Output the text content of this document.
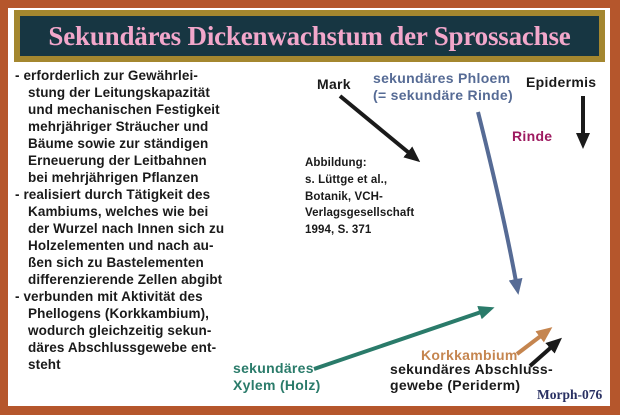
Sekundäres Dickenwachstum der Sprossachse
- erforderlich zur Gewährlei-
stung der Leitungskapazität
und mechanischen Festigkeit
mehrjähriger Sträucher und
Bäume sowie zur ständigen
Erneuerung der Leitbahnen
bei mehrjährigen Pflanzen
- realisiert durch Tätigkeit des
Kambiums, welches wie bei
der Wurzel nach Innen sich zu
Holzelementen und nach au-
ßen sich zu Bastelementen
differenzierende Zellen abgibt
- verbunden mit Aktivität des
Phellogens (Korkkambium),
wodurch gleichzeitig sekun-
däres Abschlussgewebe ent-
steht
Mark sekundäres Phloem
(= sekundäre Rinde)
Epidermis
Rinde
Abbildung:
s. Lüttge et al.,
Botanik, VCH-
Verlagsgesellschaft
1994, S. 371
sekundäres
Xylem (Holz)
Korkkambium
sekundäres Abschluss-
gewebe (Periderm)
Morph-076
